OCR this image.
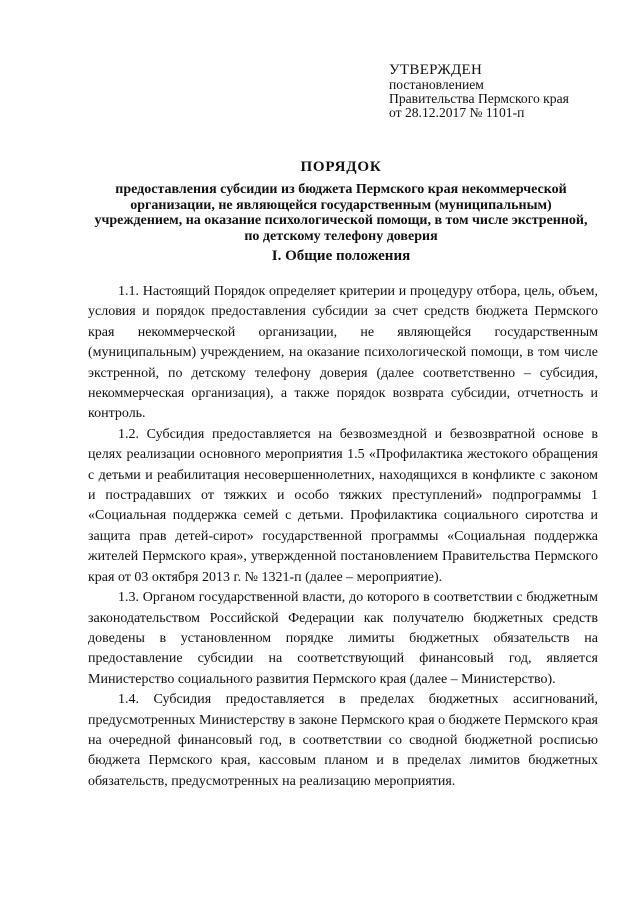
УТВЕРЖДЕН
постановлением
Правительства Пермского края
от 28.12.2017 № 1101-п
ПОРЯДОК
предоставления субсидии из бюджета Пермского края некоммерческой организации, не являющейся государственным (муниципальным) учреждением, на оказание психологической помощи, в том числе экстренной, по детскому телефону доверия
I. Общие положения

1.1. Настоящий Порядок определяет критерии и процедуру отбора, цель, объем, условия и порядок предоставления субсидии за счет средств бюджета Пермского края некоммерческой организации, не являющейся государственным (муниципальным) учреждением, на оказание психологической помощи, в том числе экстренной, по детскому телефону доверия (далее соответственно – субсидия, некоммерческая организация), а также порядок возврата субсидии, отчетность и контроль.

1.2. Субсидия предоставляется на безвозмездной и безвозвратной основе в целях реализации основного мероприятия 1.5 «Профилактика жестокого обращения с детьми и реабилитация несовершеннолетних, находящихся в конфликте с законом и пострадавших от тяжких и особо тяжких преступлений» подпрограммы 1 «Социальная поддержка семей с детьми. Профилактика социального сиротства и защита прав детей-сирот» государственной программы «Социальная поддержка жителей Пермского края», утвержденной постановлением Правительства Пермского края от 03 октября 2013 г. № 1321-п (далее – мероприятие).

1.3. Органом государственной власти, до которого в соответствии с бюджетным законодательством Российской Федерации как получателю бюджетных средств доведены в установленном порядке лимиты бюджетных обязательств на предоставление субсидии на соответствующий финансовый год, является Министерство социального развития Пермского края (далее – Министерство).

1.4. Субсидия предоставляется в пределах бюджетных ассигнований, предусмотренных Министерству в законе Пермского края о бюджете Пермского края на очередной финансовый год, в соответствии со сводной бюджетной росписью бюджета Пермского края, кассовым планом и в пределах лимитов бюджетных обязательств, предусмотренных на реализацию мероприятия.
